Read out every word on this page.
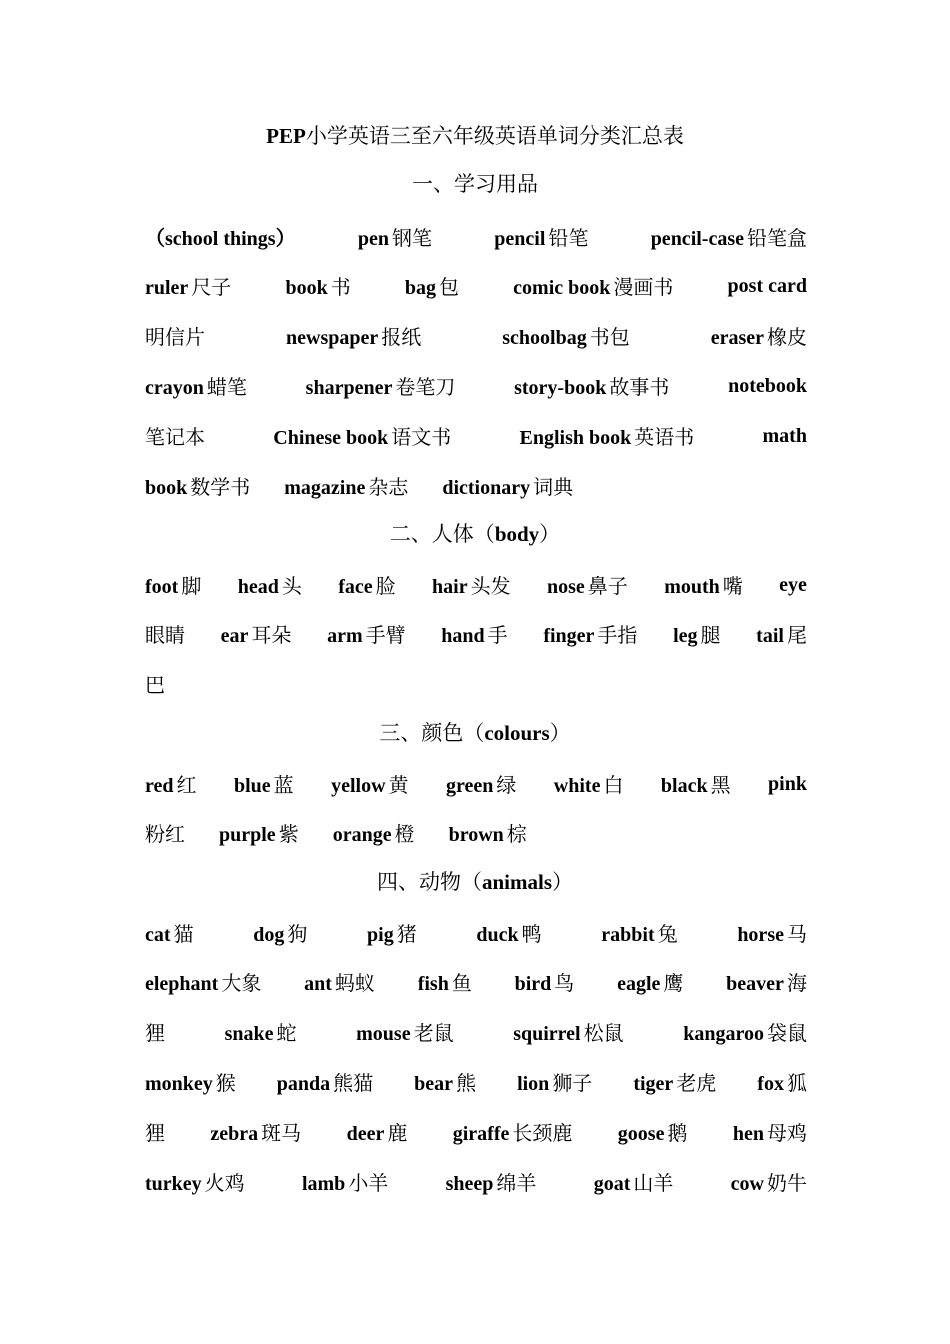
PEP小学英语三至六年级英语单词分类汇总表
一、学习用品
（school things）	pen 钢笔	pencil 铅笔	pencil-case 铅笔盒
ruler 尺子	book 书	bag 包	comic book 漫画书	post card
明信片	newspaper 报纸	schoolbag 书包	eraser 橡皮
crayon 蜡笔	sharpener 卷笔刀	story-book 故事书	notebook
笔记本	Chinese book 语文书	English book 英语书	math
book 数学书 magazine 杂志 dictionary 词典
二、人体（body）
foot 脚 head 头 face 脸 hair 头发 nose 鼻子 mouth 嘴 eye
眼睛 ear 耳朵 arm 手臂 hand 手 finger 手指 leg 腿 tail 尾
巴
三、颜色（colours）
red 红 blue 蓝 yellow 黄 green 绿 white 白 black 黑 pink
粉红 purple 紫 orange 橙 brown 棕
四、动物（animals）
cat 猫	dog 狗	pig 猪	duck 鸭	rabbit 兔	horse 马
elephant 大象 ant 蚂蚁 fish 鱼 bird 鸟 eagle 鹰 beaver 海
狸	snake 蛇	mouse 老鼠	squirrel 松鼠	kangaroo 袋鼠
monkey 猴 panda 熊猫 bear 熊 lion 狮子 tiger 老虎 fox 狐
狸 zebra 斑马 deer 鹿 giraffe 长颈鹿 goose 鹅 hen 母鸡
turkey 火鸡	lamb 小羊	sheep 绵羊	goat 山羊	cow 奶牛
